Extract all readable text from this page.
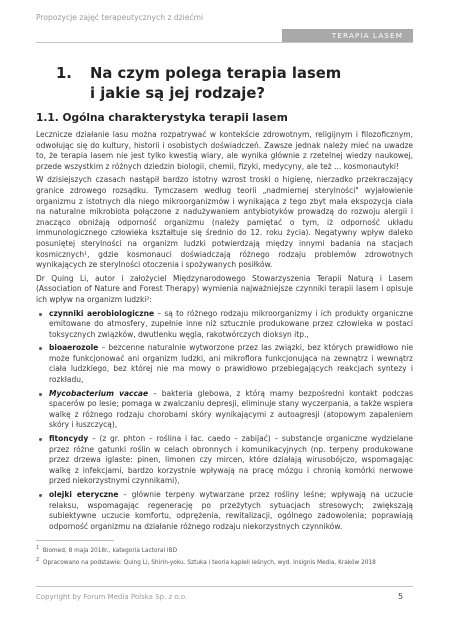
Propozycje zajęć terapeutycznych z dziećmi
TERAPIA LASEM
1. Na czym polega terapia lasem
i jakie są jej rodzaje?
1.1. Ogólna charakterystyka terapii lasem

Lecznicze działanie lasu można rozpatrywać w kontekście zdrowotnym, religijnym i filozoficznym, odwołując się do kultury, historii i osobistych doświadczeń. Zawsze jednak należy mieć na uwadze to, że terapia lasem nie jest tylko kwestią wiary, ale wynika głównie z rzetelnej wiedzy naukowej, przede wszystkim z różnych dziedzin biologii, chemii, fizyki, medycyny, ale też ... kosmonautyki!

W dzisiejszych czasach nastąpił bardzo istotny wzrost troski o higienę, nierzadko przekraczający granice zdrowego rozsądku. Tymczasem według teorii „nadmiernej sterylności" wyjałowienie organizmu z istotnych dla niego mikroorganizmów i wynikająca z tego zbyt mała ekspozycja ciała na naturalne mikrobiota połączone z nadużywaniem antybiotyków prowadzą do rozwoju alergii i znacząco obniżają odporność organizmu (należy pamiętać o tym, iż odporność układu immunologicznego człowieka kształtuje się średnio do 12. roku życia). Negatywny wpływ daleko posuniętej sterylności na organizm ludzki potwierdzają między innymi badania na stacjach kosmicznych¹, gdzie kosmonauci doświadczają różnego rodzaju problemów zdrowotnych wynikających ze sterylności otoczenia i spożywanych posiłków.

Dr Quing Li, autor i założyciel Międzynarodowego Stowarzyszenia Terapii Naturą i Lasem (Association of Nature and Forest Therapy) wymienia najważniejsze czynniki terapii lasem i opisuje ich wpływ na organizm ludzki²:

czynniki aerobiologiczne – są to różnego rodzaju mikroorganizmy i ich produkty organiczne emitowane do atmosfery, zupełnie inne niż sztucznie produkowane przez człowieka w postaci toksycznych związków, dwutlenku węgla, rakotwórczych dioksyn itp.,
bioaerozole – bezcenne naturalnie wytworzone przez las związki, bez których prawidłowo nie może funkcjonować ani organizm ludzki, ani mikroflora funkcjonująca na zewnątrz i wewnątrz ciała ludzkiego, bez której nie ma mowy o prawidłowo przebiegających reakcjach syntezy i rozkładu,
Mycobacterium vaccae – bakteria glebowa, z którą mamy bezpośredni kontakt podczas spacerów po lesie; pomaga w zwalczaniu depresji, eliminuje stany wyczerpania, a także wspiera walkę z różnego rodzaju chorobami skóry wynikającymi z autoagresji (atopowym zapaleniem skóry i łuszczycą),
fitoncydy – (z gr. phton – roślina i łac. caedo – zabijać) – substancje organiczne wydzielane przez różne gatunki roślin w celach obronnych i komunikacyjnych (np. terpeny produkowane przez drzewa iglaste: pinen, limonen czy mircen, które działają wirusobójczo, wspomagając walkę z infekcjami, bardzo korzystnie wpływają na pracę mózgu i chronią komórki nerwowe przed niekorzystnymi czynnikami),
olejki eteryczne – głównie terpeny wytwarzane przez rośliny leśne; wpływają na uczucie relaksu, wspomagając regenerację po przeżytych sytuacjach stresowych; zwiększają subiektywne uczucie komfortu, odprężenia, rewitalizacji, ogólnego zadowolenia; poprawiają odporność organizmu na działanie różnego rodzaju niekorzystnych czynników.
$^1$ Biomed, 8 maja 2018r., kategoria Lactoral IBD
$^2$ Opracowano na podstawie: Quing Li, Shirin-yoku. Sztuka i teoria kąpieli leśnych, wyd. Insignis Media, Kraków 2018
Copyright by Forum Media Polska Sp. z o.o.	5
